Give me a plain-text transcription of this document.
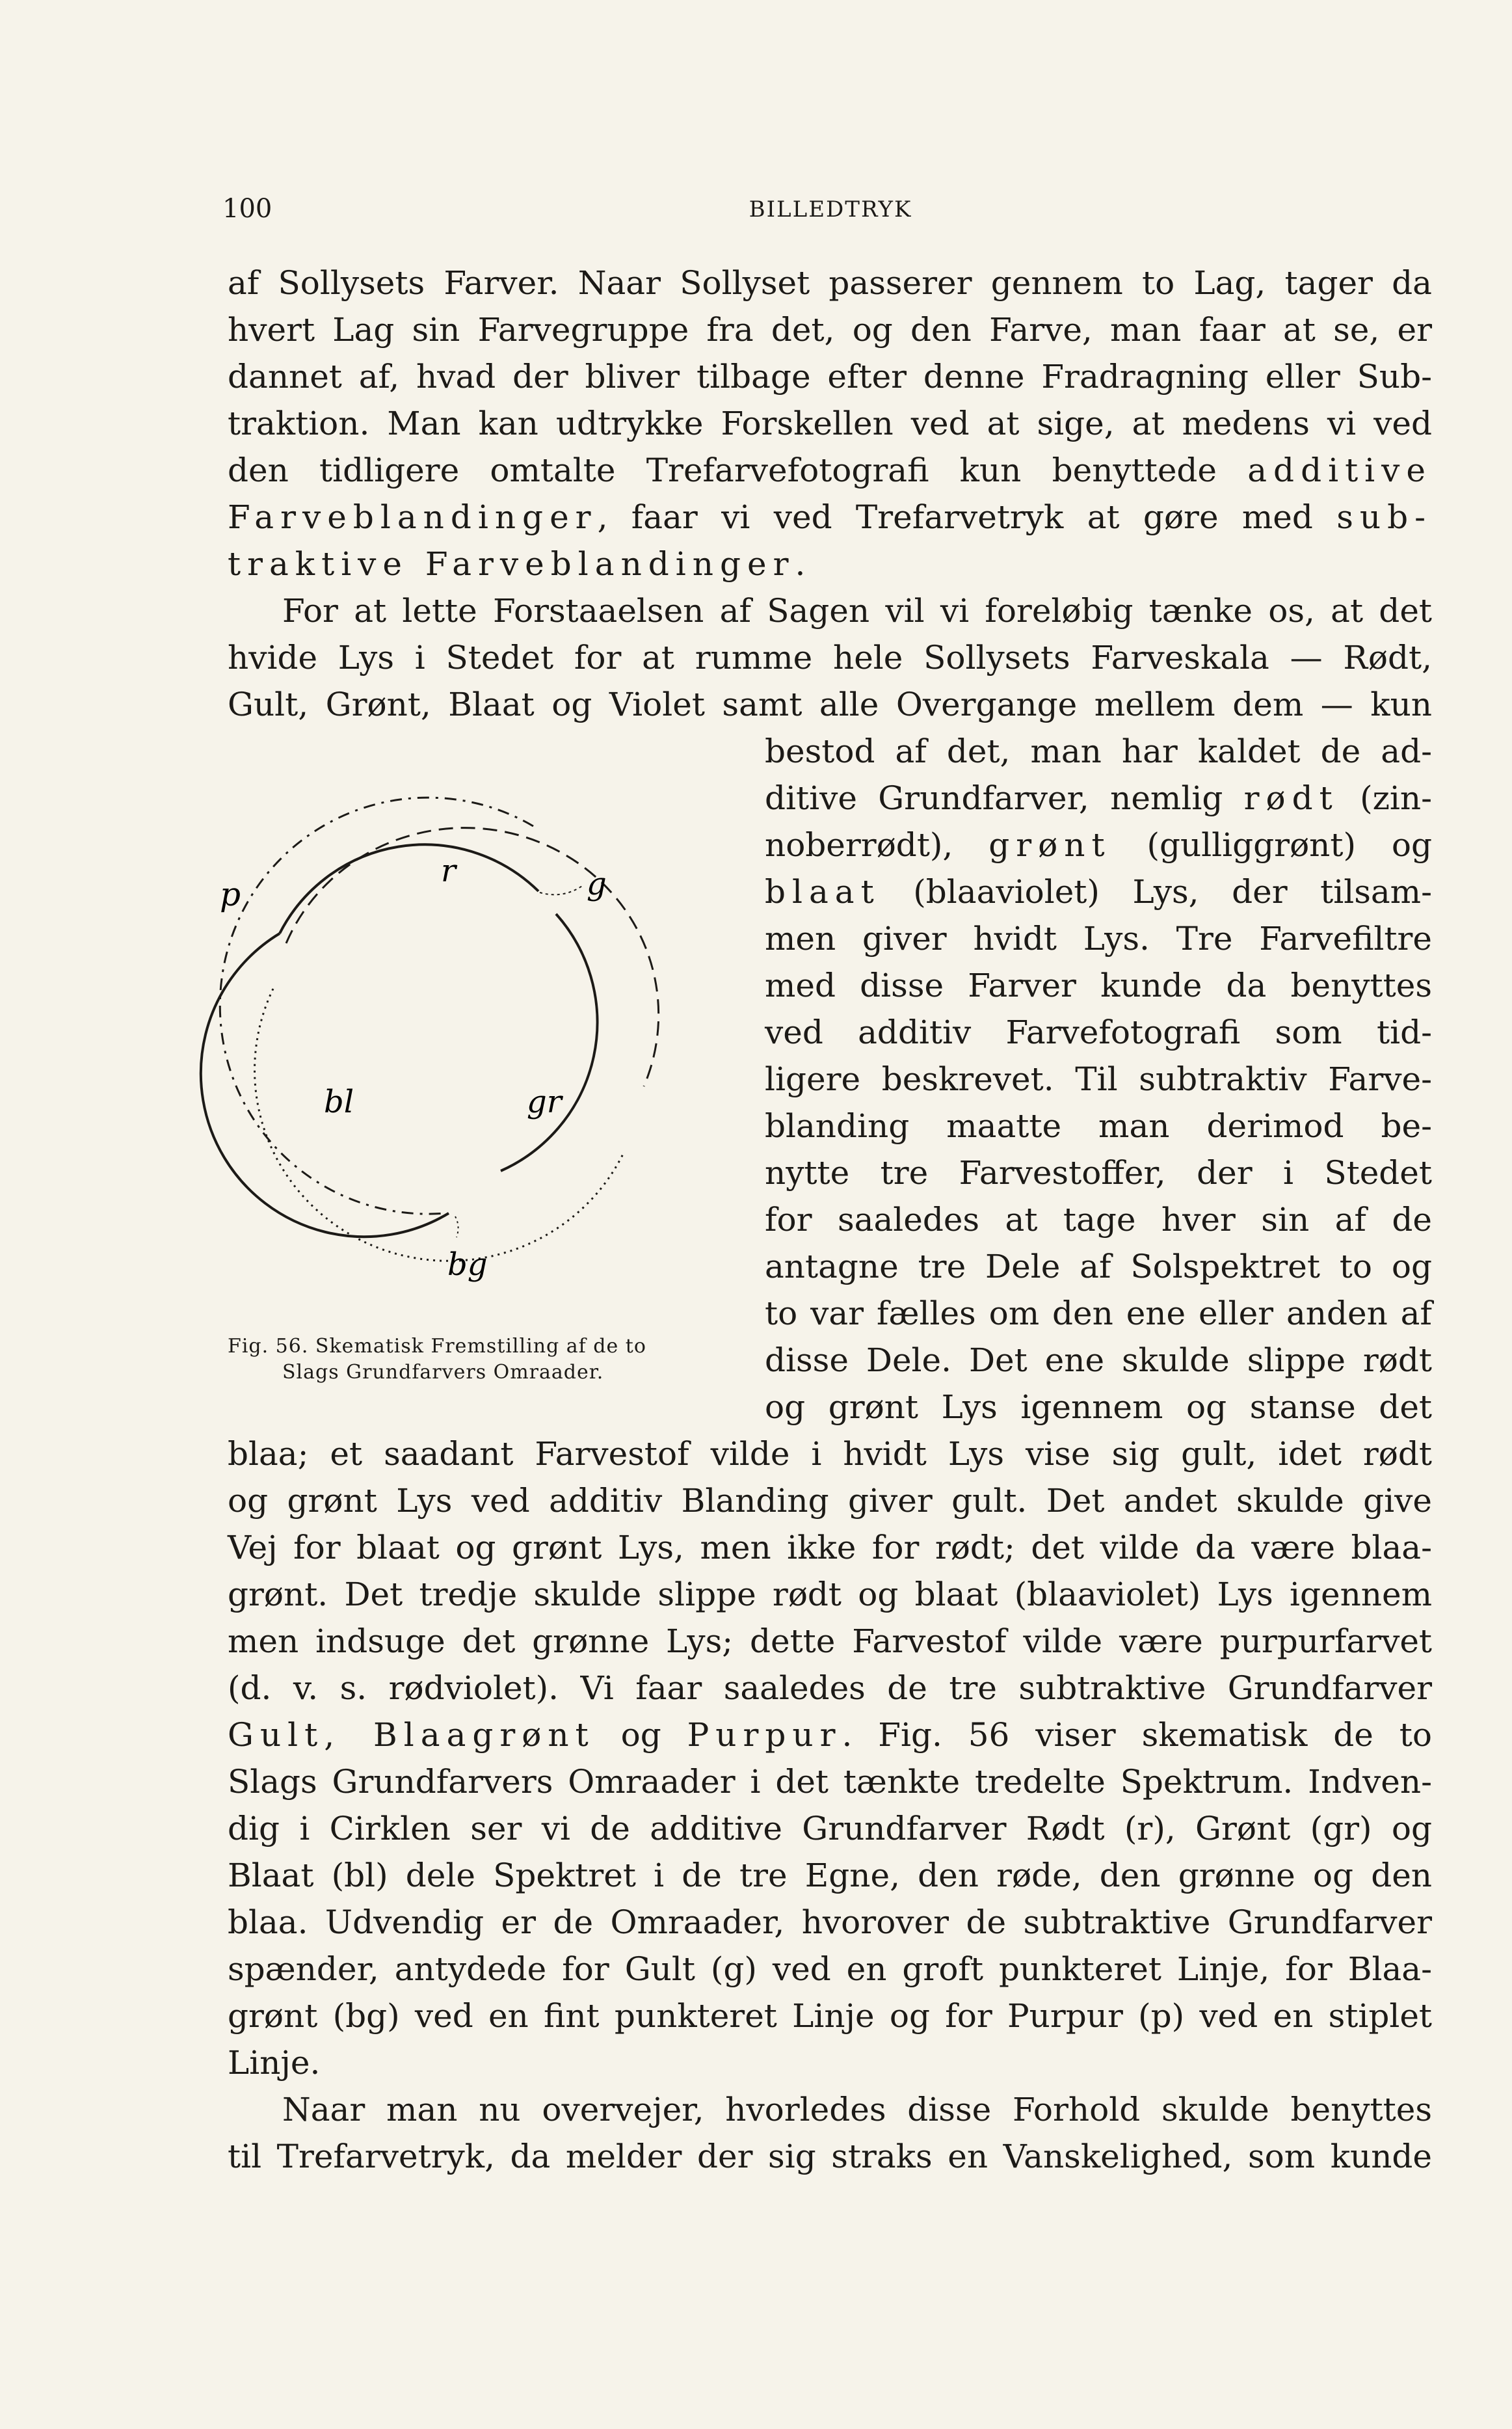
100	BILLEDTRYK
af Sollysets Farver. Naar Sollyset passerer gennem to Lag, tager da
hvert Lag sin Farvegruppe fra det, og den Farve, man faar at se, er
dannet af, hvad der bliver tilbage efter denne Fradragning eller Sub-
traktion. Man kan udtrykke Forskellen ved at sige, at medens vi ved
den tidligere omtalte Trefarvefotografi kun benyttede additive
Farveblandinger, faar vi ved Trefarvetryk at gøre med sub-
traktive Farveblandinger.
For at lette Forstaaelsen af Sagen vil vi foreløbig tænke os, at det
hvide Lys i Stedet for at rumme hele Sollysets Farveskala — Rødt,
Gult, Grønt, Blaat og Violet samt alle Overgange mellem dem — kun
bestod af det, man har kaldet de ad-
ditive Grundfarver, nemlig rødt (zin-
noberrødt), grønt (gulliggrønt) og
blaat (blaaviolet) Lys, der tilsam-
men giver hvidt Lys. Tre Farvefiltre
med disse Farver kunde da benyttes
ved additiv Farvefotografi som tid-
ligere beskrevet. Til subtraktiv Farve-
blanding maatte man derimod be-
nytte tre Farvestoffer, der i Stedet
for saaledes at tage hver sin af de
antagne tre Dele af Solspektret to og
to var fælles om den ene eller anden af
disse Dele. Det ene skulde slippe rødt
og grønt Lys igennem og stanse det
r	g
p
bl	gr
bg
Fig. 56. Skematisk Fremstilling af de to
Slags Grundfarvers Omraader.
blaa; et saadant Farvestof vilde i hvidt Lys vise sig gult, idet rødt
og grønt Lys ved additiv Blanding giver gult. Det andet skulde give
Vej for blaat og grønt Lys, men ikke for rødt; det vilde da være blaa-
grønt. Det tredje skulde slippe rødt og blaat (blaaviolet) Lys igennem
men indsuge det grønne Lys; dette Farvestof vilde være purpurfarvet
(d. v. s. rødviolet). Vi faar saaledes de tre subtraktive Grundfarver
Gult, Blaagrønt og Purpur. Fig. 56 viser skematisk de to
Slags Grundfarvers Omraader i det tænkte tredelte Spektrum. Indven-
dig i Cirklen ser vi de additive Grundfarver Rødt (r), Grønt (gr) og
Blaat (bl) dele Spektret i de tre Egne, den røde, den grønne og den
blaa. Udvendig er de Omraader, hvorover de subtraktive Grundfarver
spænder, antydede for Gult (g) ved en groft punkteret Linje, for Blaa-
grønt (bg) ved en fint punkteret Linje og for Purpur (p) ved en stiplet
Linje.
Naar man nu overvejer, hvorledes disse Forhold skulde benyttes
til Trefarvetryk, da melder der sig straks en Vanskelighed, som kunde
